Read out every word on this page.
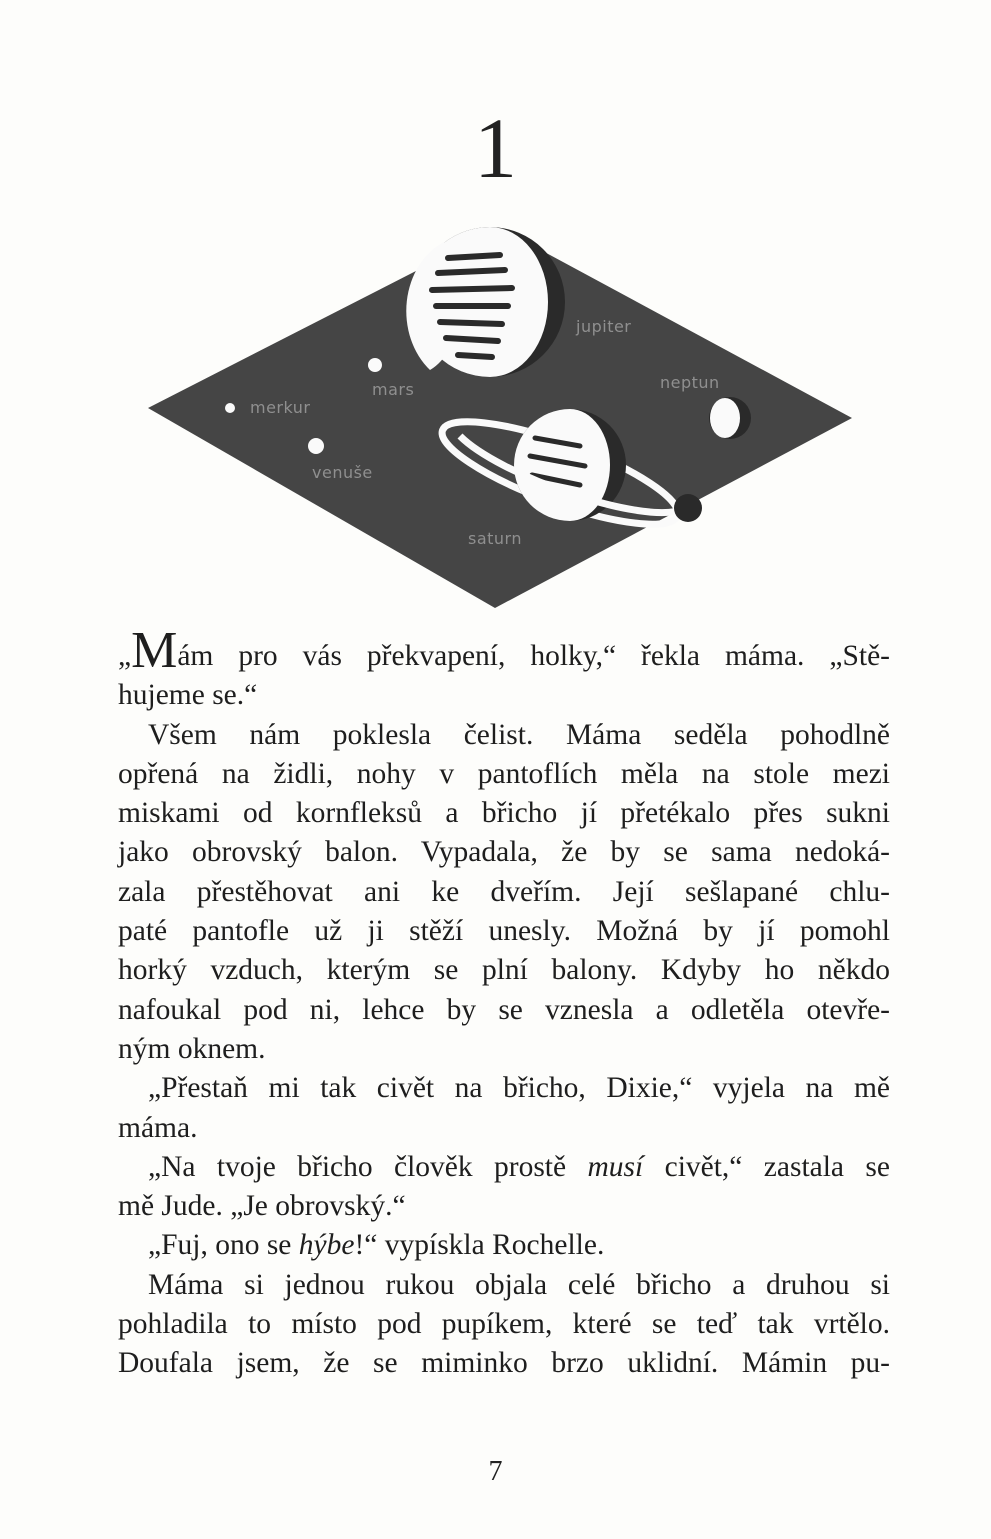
1
jupiter
neptun
mars
merkur
venuše
saturn
„Mám pro vás překvapení, holky,“ řekla máma. „Stě-
hujeme se.“
Všem nám poklesla čelist. Máma seděla pohodlně
opřená na židli, nohy v pantoflích měla na stole mezi
miskami od kornfleksů a břicho jí přetékalo přes sukni
jako obrovský balon. Vypadala, že by se sama nedoká-
zala přestěhovat ani ke dveřím. Její sešlapané chlu-
paté pantofle už ji stěží unesly. Možná by jí pomohl
horký vzduch, kterým se plní balony. Kdyby ho někdo
nafoukal pod ni, lehce by se vznesla a odletěla otevře-
ným oknem.
„Přestaň mi tak civět na břicho, Dixie,“ vyjela na mě
máma.
„Na tvoje břicho člověk prostě musí civět,“ zastala se
mě Jude. „Je obrovský.“
„Fuj, ono se hýbe!“ vypískla Rochelle.
Máma si jednou rukou objala celé břicho a druhou si
pohladila to místo pod pupíkem, které se teď tak vrtělo.
Doufala jsem, že se miminko brzo uklidní. Mámin pu-
7
